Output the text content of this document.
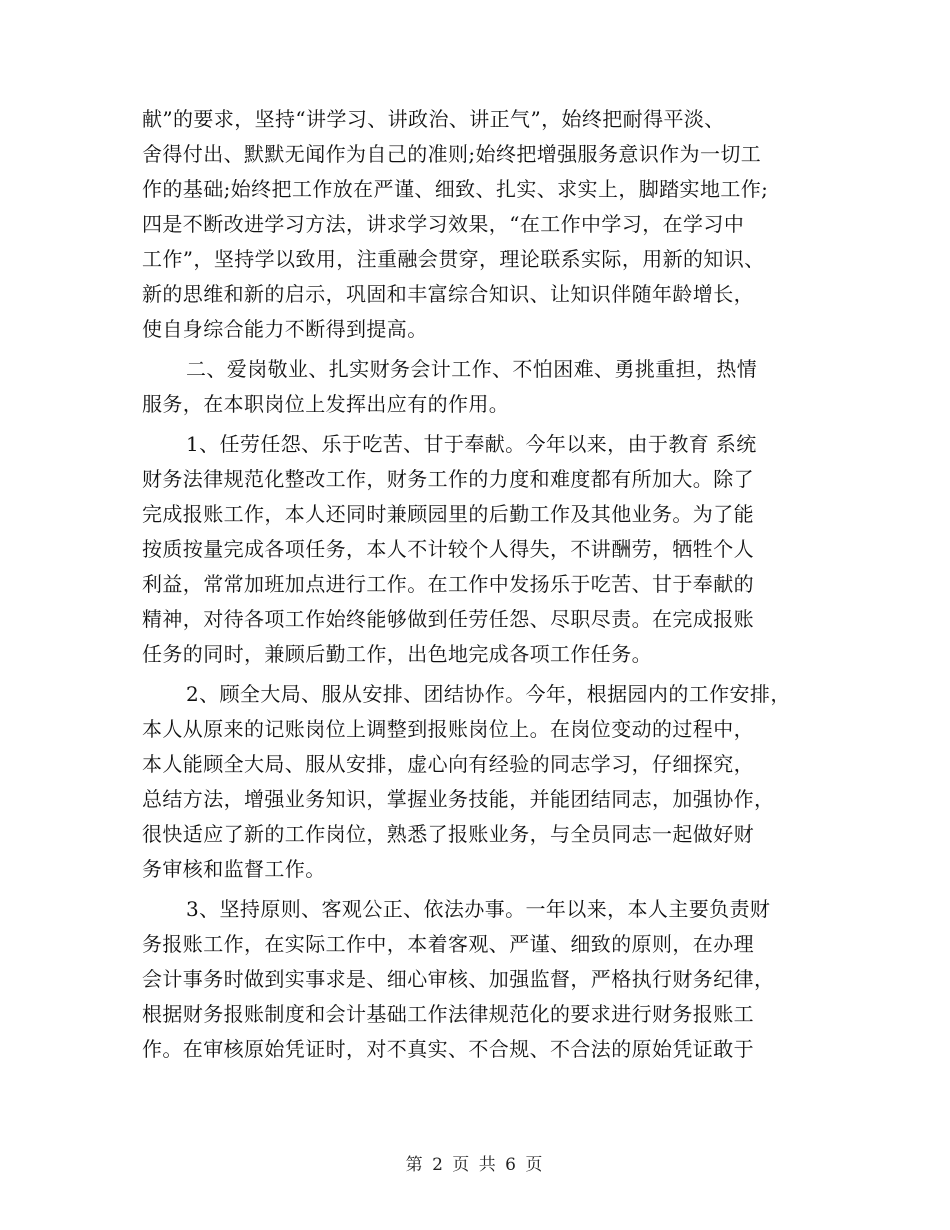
献”的要求，坚持“讲学习、讲政治、讲正气”，始终把耐得平淡、
舍得付出、默默无闻作为自己的准则;始终把增强服务意识作为一切工
作的基础;始终把工作放在严谨、细致、扎实、求实上，脚踏实地工作;
四是不断改进学习方法，讲求学习效果，“在工作中学习，在学习中
工作”，坚持学以致用，注重融会贯穿，理论联系实际，用新的知识、
新的思维和新的启示，巩固和丰富综合知识、让知识伴随年龄增长，
使自身综合能力不断得到提高。
二、爱岗敬业、扎实财务会计工作、不怕困难、勇挑重担，热情
服务，在本职岗位上发挥出应有的作用。
1、任劳任怨、乐于吃苦、甘于奉献。今年以来，由于教育 系统
财务法律规范化整改工作，财务工作的力度和难度都有所加大。除了
完成报账工作，本人还同时兼顾园里的后勤工作及其他业务。为了能
按质按量完成各项任务，本人不计较个人得失，不讲酬劳，牺牲个人
利益，常常加班加点进行工作。在工作中发扬乐于吃苦、甘于奉献的
精神，对待各项工作始终能够做到任劳任怨、尽职尽责。在完成报账
任务的同时，兼顾后勤工作，出色地完成各项工作任务。
2、顾全大局、服从安排、团结协作。今年，根据园内的工作安排，
本人从原来的记账岗位上调整到报账岗位上。在岗位变动的过程中，
本人能顾全大局、服从安排，虚心向有经验的同志学习，仔细探究，
总结方法，增强业务知识，掌握业务技能，并能团结同志，加强协作，
很快适应了新的工作岗位，熟悉了报账业务，与全员同志一起做好财
务审核和监督工作。
3、坚持原则、客观公正、依法办事。一年以来，本人主要负责财
务报账工作，在实际工作中，本着客观、严谨、细致的原则，在办理
会计事务时做到实事求是、细心审核、加强监督，严格执行财务纪律，
根据财务报账制度和会计基础工作法律规范化的要求进行财务报账工
作。在审核原始凭证时，对不真实、不合规、不合法的原始凭证敢于
第 2 页 共 6 页
